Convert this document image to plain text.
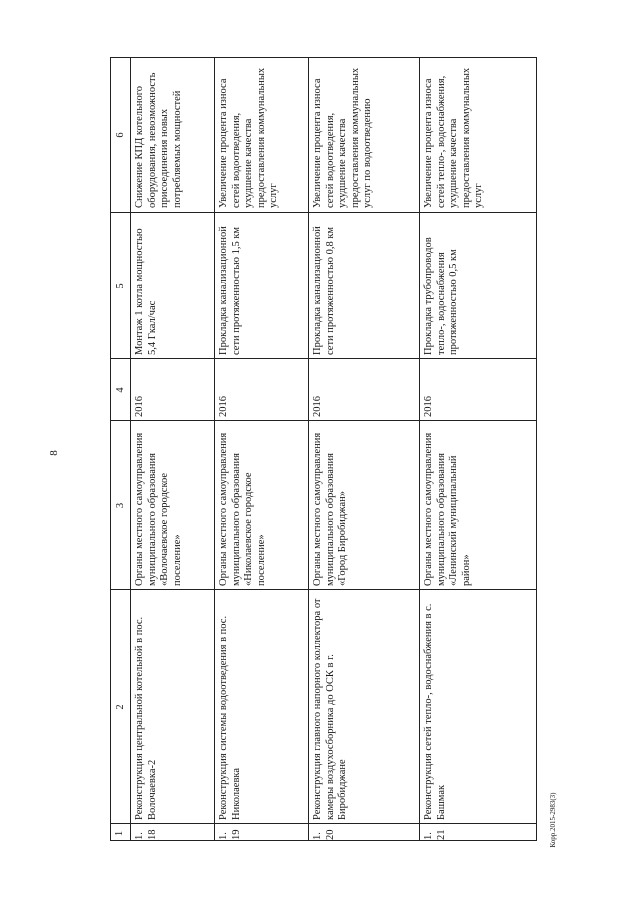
8
1
2
3
4
5
6
1.18
Реконструкция центральной котельной в пос. Волочаевка-2
Органы местного самоуправления муниципального образования «Волочаевское городское поселение»
2016
Монтаж 1 котла мощностью 5,4 Гкал/час
Снижение КПД котельного оборудования, невозможность присоединения новых потребляемых мощностей
1.19
Реконструкция системы водоотведения в пос. Николаевка
Органы местного самоуправления муниципального образования «Николаевское городское поселение»
2016
Прокладка канализационной сети протяженностью 1,5 км
Увеличение процента износа сетей водоотведения, ухудшение качества предоставления коммунальных услуг
1.20
Реконструкция главного напорного коллектора от камеры воздухосборника до ОСК в г. Биробиджане
Органы местного самоуправления муниципального образования «Город Биробиджан»
2016
Прокладка канализационной сети протяженностью 0,8 км
Увеличение процента износа сетей водоотведения, ухудшение качества предоставления коммунальных услуг по водоотведению
1.21
Реконструкция сетей тепло-, водоснабжения в с. Башмак
Органы местного самоуправления муниципального образования «Ленинский муниципальный район»
2016
Прокладка трубопроводов тепло-, водоснабжения протяженностью 0,5 км
Увеличение процента износа сетей тепло-, водоснабжения, ухудшение качества предоставления коммунальных услуг
Корр.2015-2983(3)
